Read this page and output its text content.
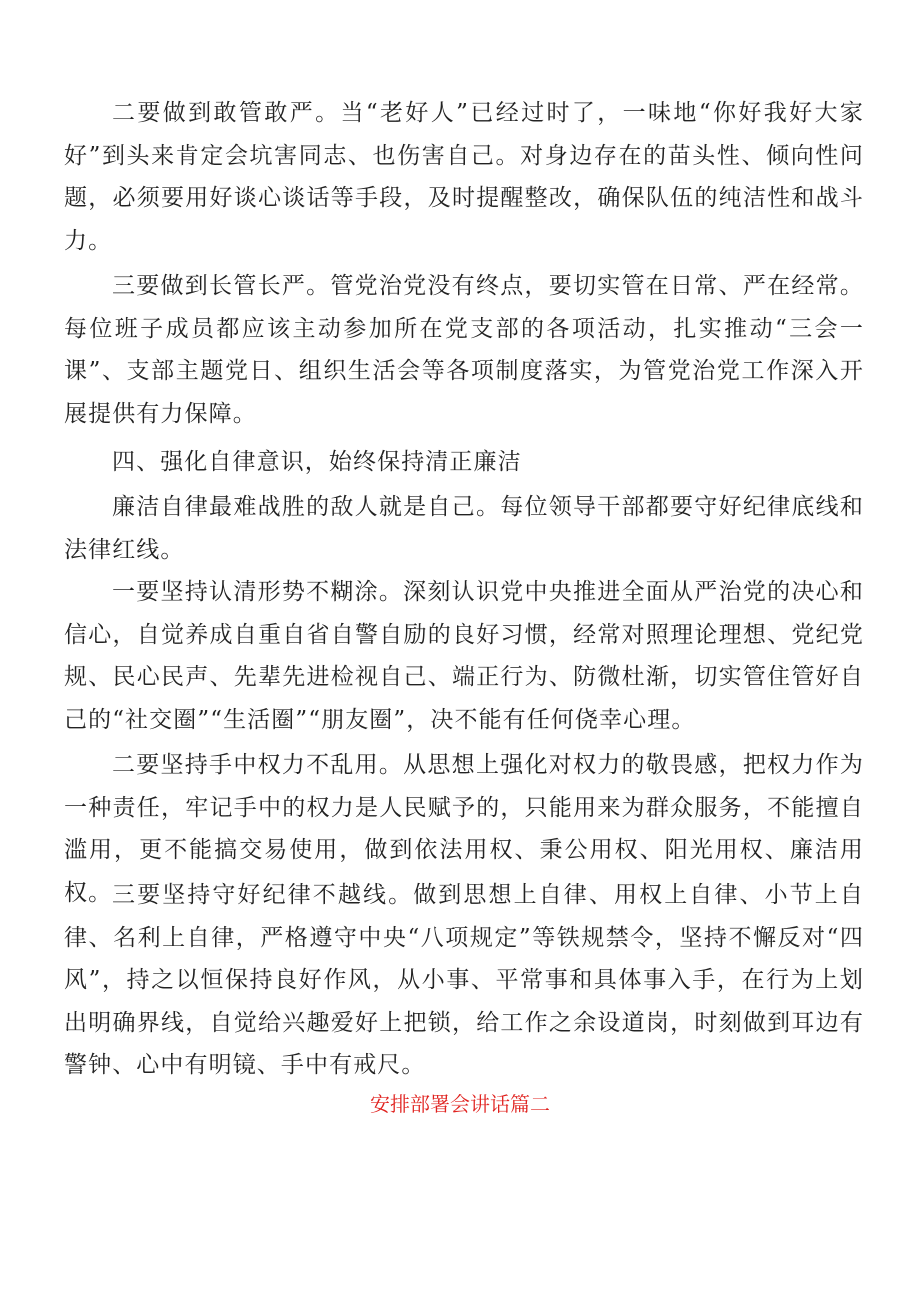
二要做到敢管敢严。当“老好人”已经过时了，一味地“你好我好大家好”到头来肯定会坑害同志、也伤害自己。对身边存在的苗头性、倾向性问题，必须要用好谈心谈话等手段，及时提醒整改，确保队伍的纯洁性和战斗力。

三要做到长管长严。管党治党没有终点，要切实管在日常、严在经常。每位班子成员都应该主动参加所在党支部的各项活动，扎实推动“三会一课”、支部主题党日、组织生活会等各项制度落实，为管党治党工作深入开展提供有力保障。

四、强化自律意识，始终保持清正廉洁

廉洁自律最难战胜的敌人就是自己。每位领导干部都要守好纪律底线和法律红线。

一要坚持认清形势不糊涂。深刻认识党中央推进全面从严治党的决心和信心，自觉养成自重自省自警自励的良好习惯，经常对照理论理想、党纪党规、民心民声、先辈先进检视自己、端正行为、防微杜渐，切实管住管好自己的“社交圈”“生活圈”“朋友圈”，决不能有任何侥幸心理。

二要坚持手中权力不乱用。从思想上强化对权力的敬畏感，把权力作为一种责任，牢记手中的权力是人民赋予的，只能用来为群众服务，不能擅自滥用，更不能搞交易使用，做到依法用权、秉公用权、阳光用权、廉洁用权。 三要坚持守好纪律不越线。做到思想上自律、用权上自律、小节上自律、名利上自律，严格遵守中央“八项规定”等铁规禁令，坚持不懈反对“四风”，持之以恒保持良好作风，从小事、平常事和具体事入手，在行为上划出明确界线，自觉给兴趣爱好上把锁，给工作之余设道岗，时刻做到耳边有警钟、心中有明镜、手中有戒尺。

安排部署会讲话篇二
